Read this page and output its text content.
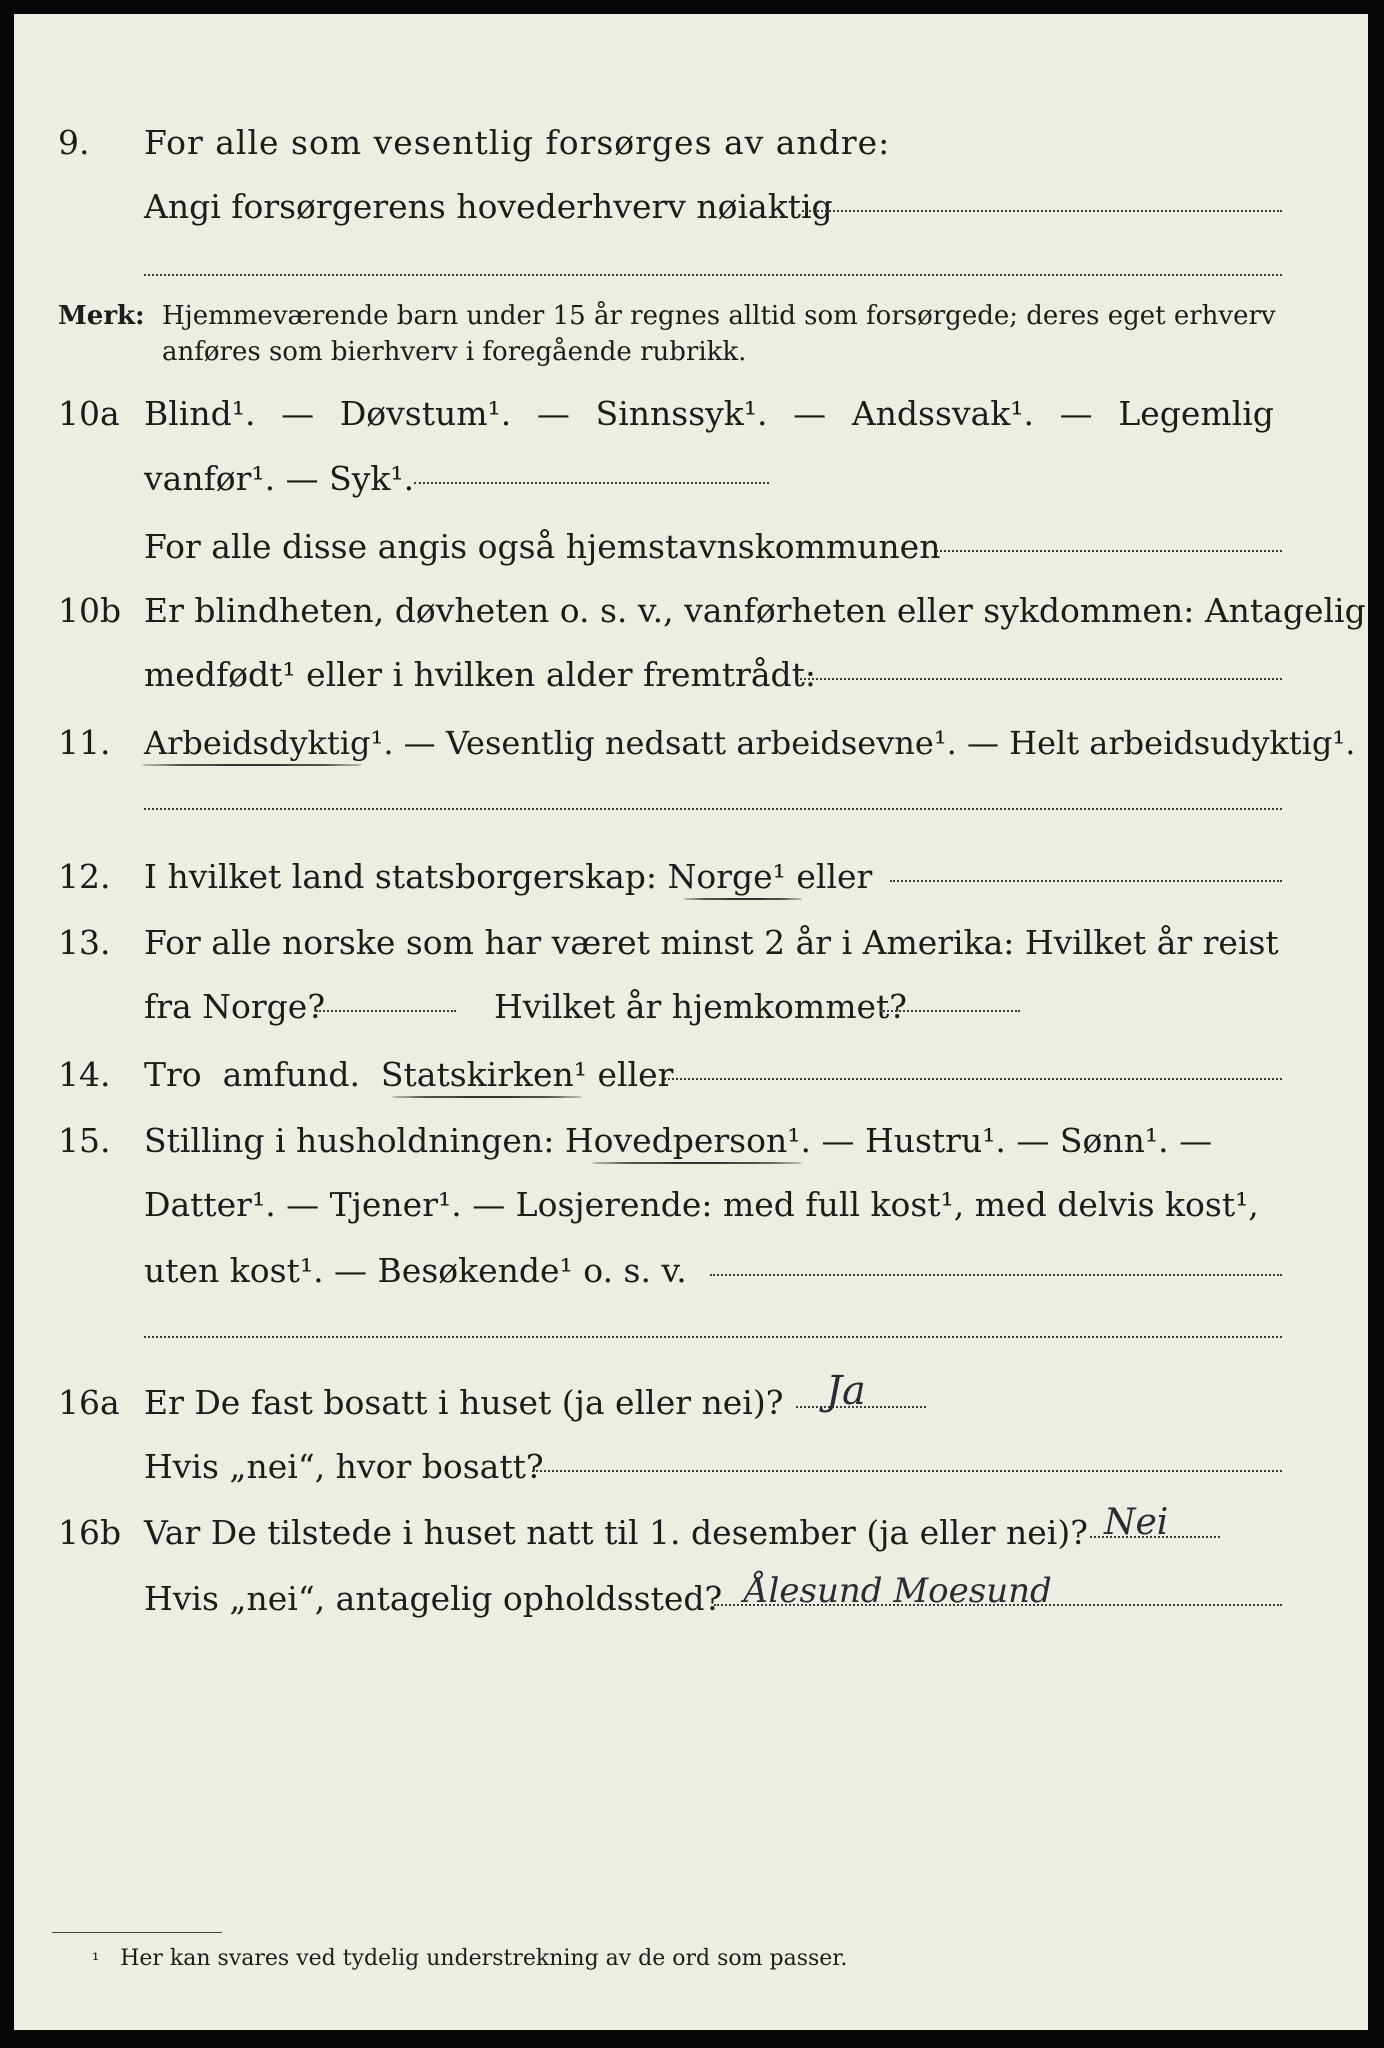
9. For alle som vesentlig forsørges av andre:
Angi forsørgerens hovederhverv nøiaktig
Merk: Hjemmeværende barn under 15 år regnes alltid som forsørgede; deres eget erhverv
anføres som bierhverv i foregående rubrikk.
10a Blind¹. — Døvstum¹. — Sinnssyk¹. — Andssvak¹. — Legemlig
vanfør¹. — Syk¹.
For alle disse angis også hjemstavnskommunen
10b Er blindheten, døvheten o. s. v., vanførheten eller sykdommen: Antagelig
medfødt¹ eller i hvilken alder fremtrådt:
11. Arbeidsdyktig¹. — Vesentlig nedsatt arbeidsevne¹. — Helt arbeidsudyktig¹.
12. I hvilket land statsborgerskap: Norge¹ eller
13. For alle norske som har været minst 2 år i Amerika: Hvilket år reist
fra Norge?	Hvilket år hjemkommet?
14. Tro  amfund.  Statskirken¹ eller
15. Stilling i husholdningen: Hovedperson¹. — Hustru¹. — Sønn¹. —
Datter¹. — Tjener¹. — Losjerende: med full kost¹, med delvis kost¹,
uten kost¹. — Besøkende¹ o. s. v.
16a Er De fast bosatt i huset (ja eller nei)? Ja
Hvis „nei“, hvor bosatt?
16b Var De tilstede i huset natt til 1. desember (ja eller nei)? Nei
Hvis „nei“, antagelig opholdssted? Ålesund Moesund
$^{^1}$ Her kan svares ved tydelig understrekning av de ord som passer.
